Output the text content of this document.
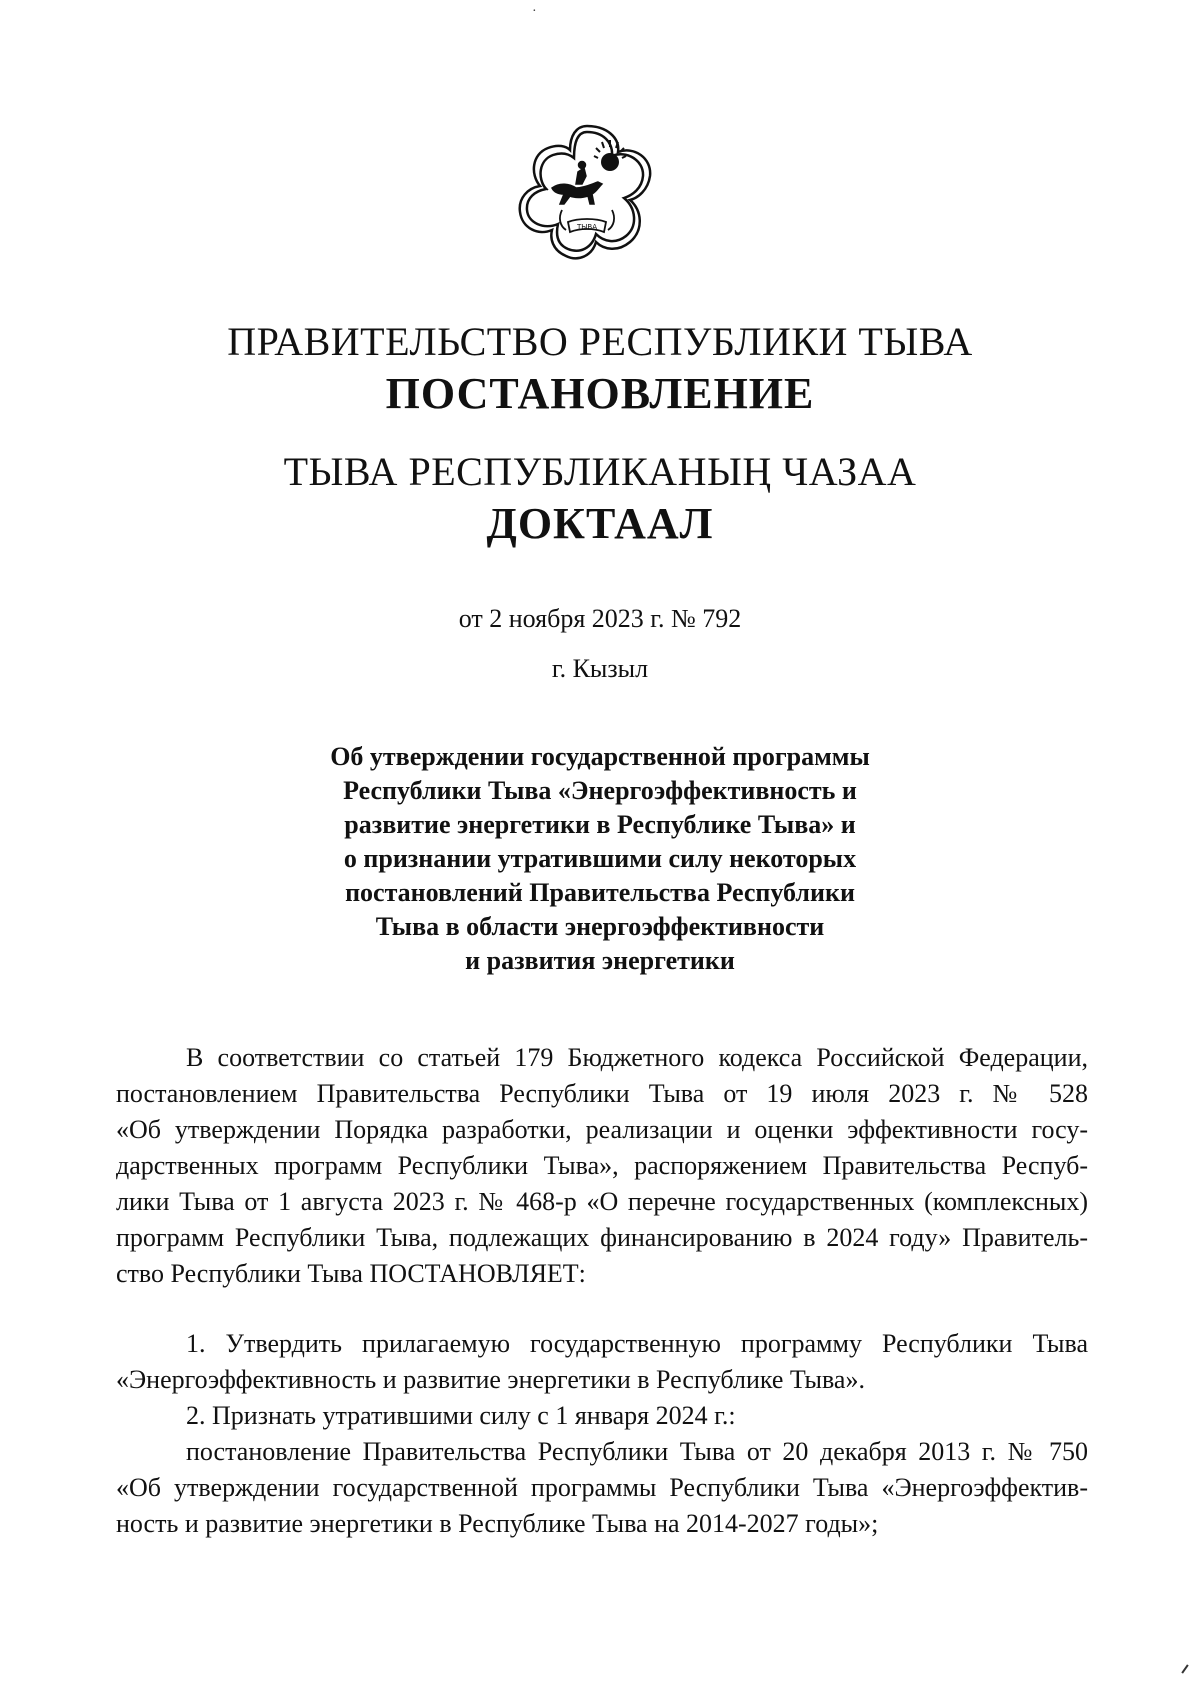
·
ТЫВА
ПРАВИТЕЛЬСТВО РЕСПУБЛИКИ ТЫВА
ПОСТАНОВЛЕНИЕ
ТЫВА РЕСПУБЛИКАНЫҢ ЧАЗАА
ДОКТААЛ
от 2 ноября 2023 г. № 792
г. Кызыл
Об утверждении государственной программы
Республики Тыва «Энергоэффективность и
развитие энергетики в Республике Тыва» и
о признании утратившими силу некоторых
постановлений Правительства Республики
Тыва в области энергоэффективности
и развития энергетики
В соответствии со статьей 179 Бюджетного кодекса Российской Федерации,
постановлением Правительства Республики Тыва от 19 июля 2023 г. № 528
«Об утверждении Порядка разработки, реализации и оценки эффективности госу-
дарственных программ Республики Тыва», распоряжением Правительства Респуб-
лики Тыва от 1 августа 2023 г. № 468-р «О перечне государственных (комплексных)
программ Республики Тыва, подлежащих финансированию в 2024 году» Правитель-
ство Республики Тыва ПОСТАНОВЛЯЕТ:
1. Утвердить прилагаемую государственную программу Республики Тыва
«Энергоэффективность и развитие энергетики в Республике Тыва».
2. Признать утратившими силу с 1 января 2024 г.:
постановление Правительства Республики Тыва от 20 декабря 2013 г. № 750
«Об утверждении государственной программы Республики Тыва «Энергоэффектив-
ность и развитие энергетики в Республике Тыва на 2014-2027 годы»;
